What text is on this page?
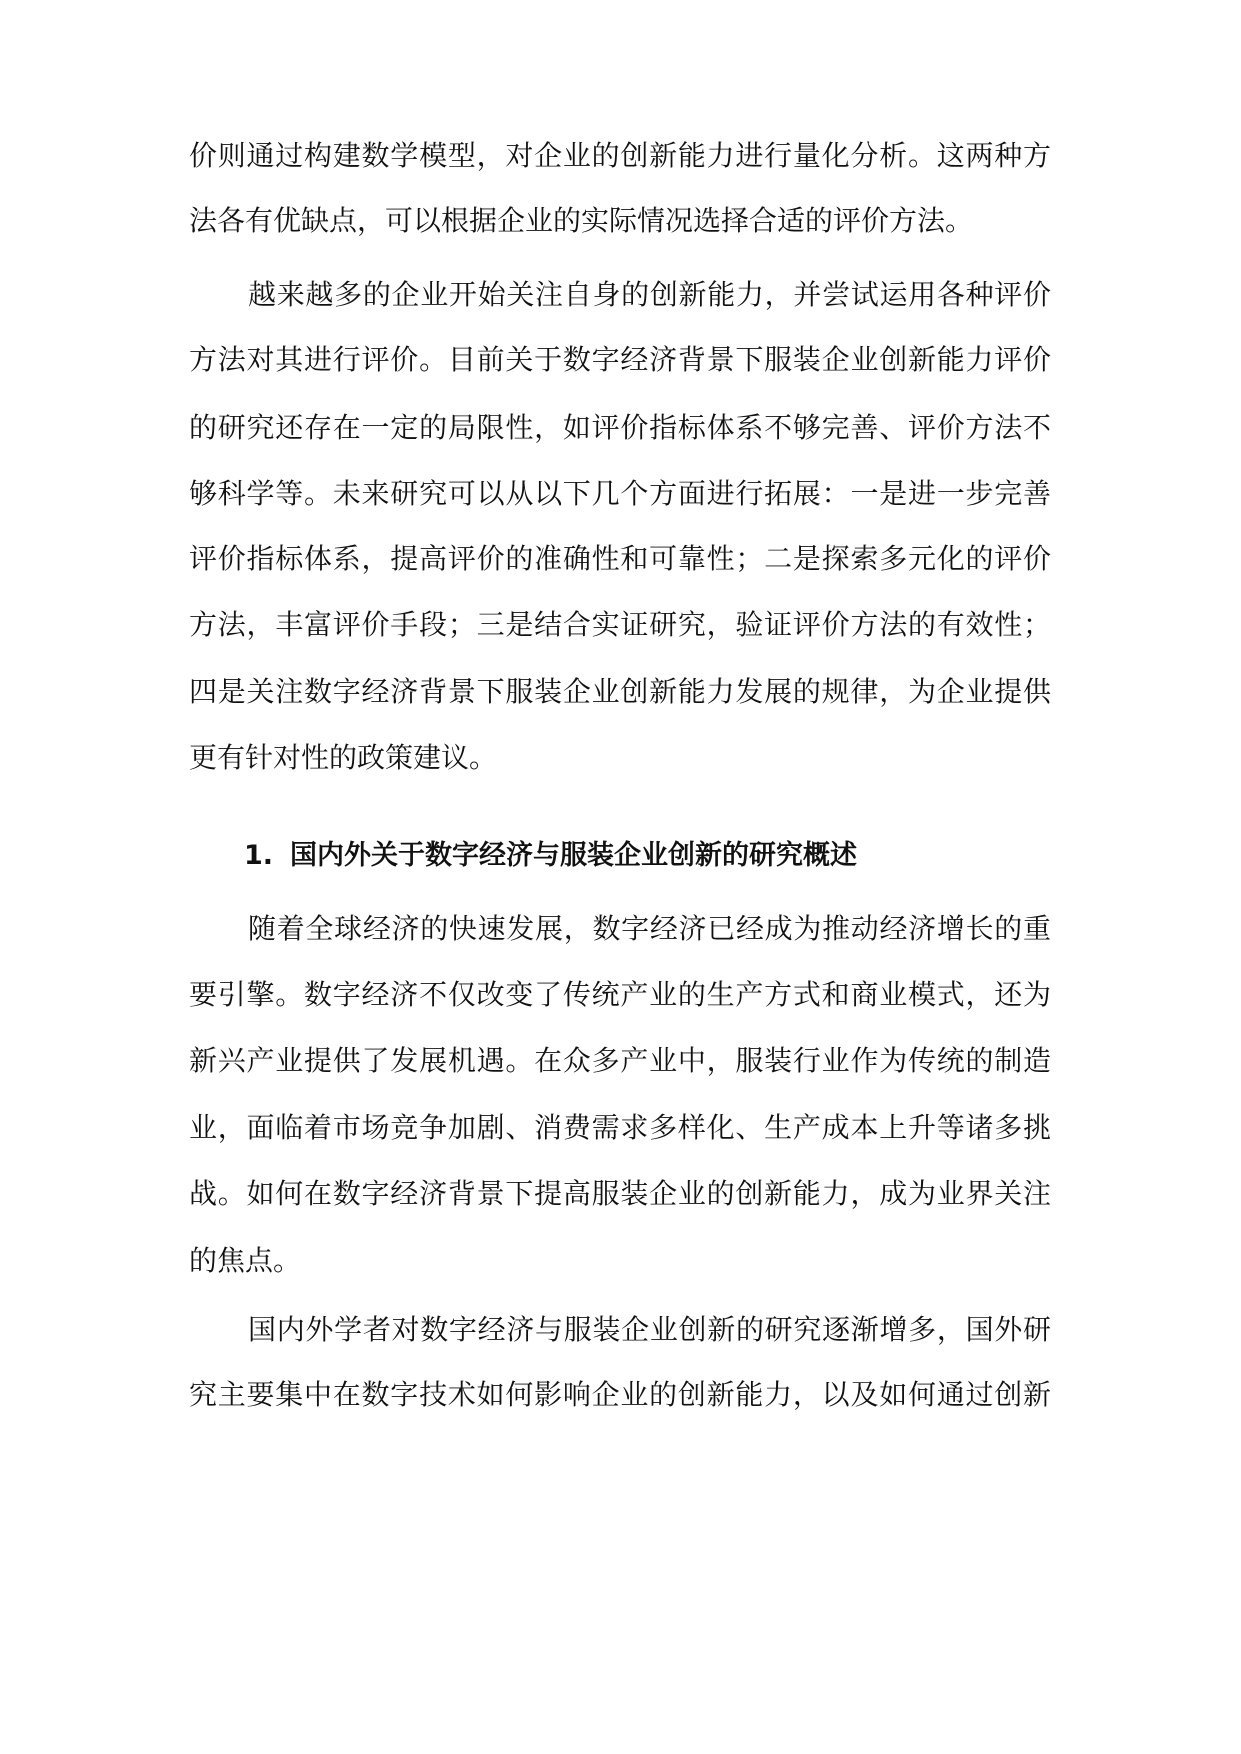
价则通过构建数学模型，对企业的创新能力进行量化分析。这两种方
法各有优缺点，可以根据企业的实际情况选择合适的评价方法。
越来越多的企业开始关注自身的创新能力，并尝试运用各种评价
方法对其进行评价。目前关于数字经济背景下服装企业创新能力评价
的研究还存在一定的局限性，如评价指标体系不够完善、评价方法不
够科学等。未来研究可以从以下几个方面进行拓展：一是进一步完善
评价指标体系，提高评价的准确性和可靠性；二是探索多元化的评价
方法，丰富评价手段；三是结合实证研究，验证评价方法的有效性；
四是关注数字经济背景下服装企业创新能力发展的规律，为企业提供
更有针对性的政策建议。
1. 国内外关于数字经济与服装企业创新的研究概述
随着全球经济的快速发展，数字经济已经成为推动经济增长的重
要引擎。数字经济不仅改变了传统产业的生产方式和商业模式，还为
新兴产业提供了发展机遇。在众多产业中，服装行业作为传统的制造
业，面临着市场竞争加剧、消费需求多样化、生产成本上升等诸多挑
战。如何在数字经济背景下提高服装企业的创新能力，成为业界关注
的焦点。
国内外学者对数字经济与服装企业创新的研究逐渐增多，国外研
究主要集中在数字技术如何影响企业的创新能力，以及如何通过创新
